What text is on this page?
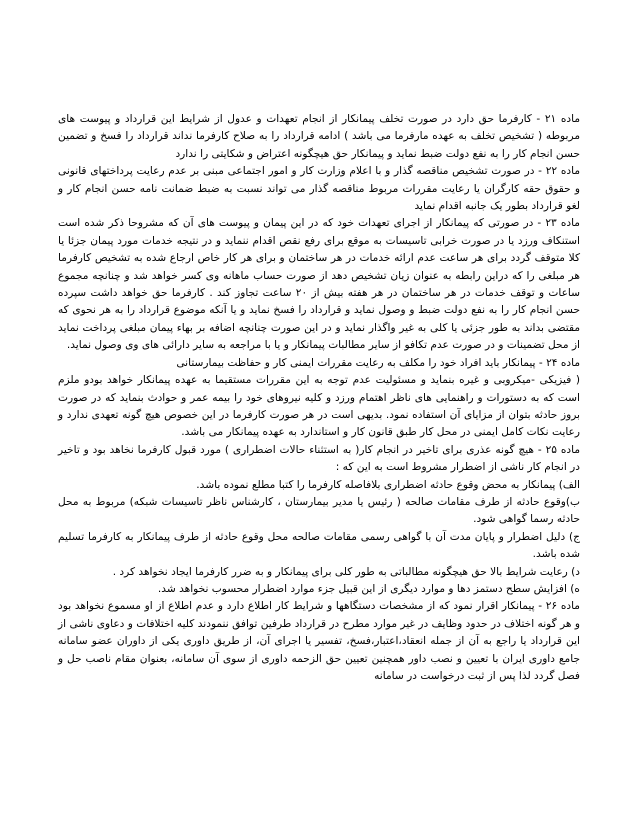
ماده ۲۱ - کارفرما حق دارد در صورت تخلف پیمانکار از انجام تعهدات و عدول از شرایط این قرارداد و پیوست های مربوطه ( تشخیص تخلف به عهده مارفرما می باشد ) ادامه قرارداد را به صلاح کارفرما نداند قرارداد را فسخ و تضمین حسن انجام کار را به نفع دولت ضبط نماید و پیمانکار حق هیچگونه اعتراض و شکایتی را ندارد

ماده ۲۲ - در صورت تشخیص مناقصه گذار و با اعلام وزارت کار و امور اجتماعی مبنی بر عدم رعایت پرداختهای قانونی و حقوق حقه کارگران یا رعایت مقررات مربوط مناقصه گذار می تواند نسبت به ضبط ضمانت نامه حسن انجام کار و لغو قرارداد بطور یک جانبه اقدام نماید

ماده ۲۳ - در صورتی که پیمانکار از اجرای تعهدات خود که در این پیمان و پیوست های آن که مشروحا ذکر شده است استنکاف ورزد یا در صورت خرابی تاسیسات به موقع برای رفع نقص اقدام ننماید و در نتیجه خدمات مورد پیمان جزئا یا کلا متوقف گردد برای هر ساعت عدم ارائه خدمات در هر ساختمان و برای هر کار خاص ارجاع شده به تشخیص کارفرما هر مبلغی را که دراین رابطه به عنوان زیان تشخیص دهد از صورت حساب ماهانه وی کسر خواهد شد و چنانچه مجموع ساعات و توقف خدمات در هر ساختمان در هر هفته بیش از ۲۰ ساعت تجاوز کند . کارفرما حق خواهد داشت سپرده حسن انجام کار را به نفع دولت ضبط و وصول نماید و قرارداد را فسخ نماید و یا آنکه موضوع قرارداد را به هر نحوی که مقتضی بداند به طور جزئی یا کلی به غیر واگذار نماید و در این صورت چنانچه اضافه بر بهاء پیمان مبلغی پرداخت نماید از محل تضمینات و در صورت عدم تکافو از سایر مطالبات پیمانکار و یا با مراجعه به سایر دارائی های وی وصول نماید.

ماده ۲۴ - پیمانکار باید افراد خود را مکلف به رعایت مقررات ایمنی کار و حفاظت بیمارستانی

( فیزیکی -میکروبی و غیره بنماید و مسئولیت عدم توجه به این مقررات مستقیما به عهده پیمانکار خواهد بودو ملزم است که به دستورات و راهنمایی های ناظر اهتمام ورزد و کلیه نیروهای خود را بیمه عمر و حوادث بنماید که در صورت بروز حادثه بتوان از مزایای آن استفاده نمود. بدیهی است در هر صورت کارفرما در این خصوص هیچ گونه تعهدی ندارد و رعایت نکات کامل ایمنی در محل کار طبق قانون کار و استاندارد به عهده پیمانکار می باشد.

ماده ۲۵ - هیچ گونه عذری برای تاخیر در انجام کار( به استثناء حالات اضطراری ) مورد قبول کارفرما نخاهد بود و تاخیر در انجام کار ناشی از اضطرار مشروط است به این که :

الف) پیمانکار به محض وقوع حادثه اضطراری بلافاصله کارفرما را کتبا مطلع نموده باشد.

ب)وقوع حادثه از طرف مقامات صالحه ( رئیس یا مدیر بیمارستان ، کارشناس ناظر تاسیسات شبکه) مربوط به محل حادثه رسما گواهی شود.

ج) دلیل اضطرار و پایان مدت آن با گواهی رسمی مقامات صالحه محل وقوع حادثه از طرف پیمانکار به کارفرما تسلیم شده باشد.

د) رعایت شرایط بالا حق هیچگونه مطالباتی به طور کلی برای پیمانکار و به ضرر کارفرما ایجاد نخواهد کرد .

ه) افزایش سطح دستمز دها و موارد دیگری از این قبیل جزء موارد اضطرار محسوب نخواهد شد.

ماده ۲۶ - پیمانکار اقرار نمود که از مشخصات دستگاهها و شرایط کار اطلاع دارد و عدم اطلاع از او مسموع نخواهد بود و هر گونه اختلاف در حدود وظایف در غیر موارد مطرح در قرارداد طرفین توافق ننمودند کلیه اختلافات و دعاوی ناشی از این قرارداد یا راجع به آن از جمله انعقاد،اعتبار،فسخ، تفسیر یا اجرای آن، از طریق داوری یکی از داوران عضو سامانه جامع داوری ایران با تعیین و نصب داور همچنین تعیین حق الزحمه داوری از سوی آن سامانه، بعنوان مقام ناصب حل و فصل گردد لذا پس از ثبت درخواست در سامانه
